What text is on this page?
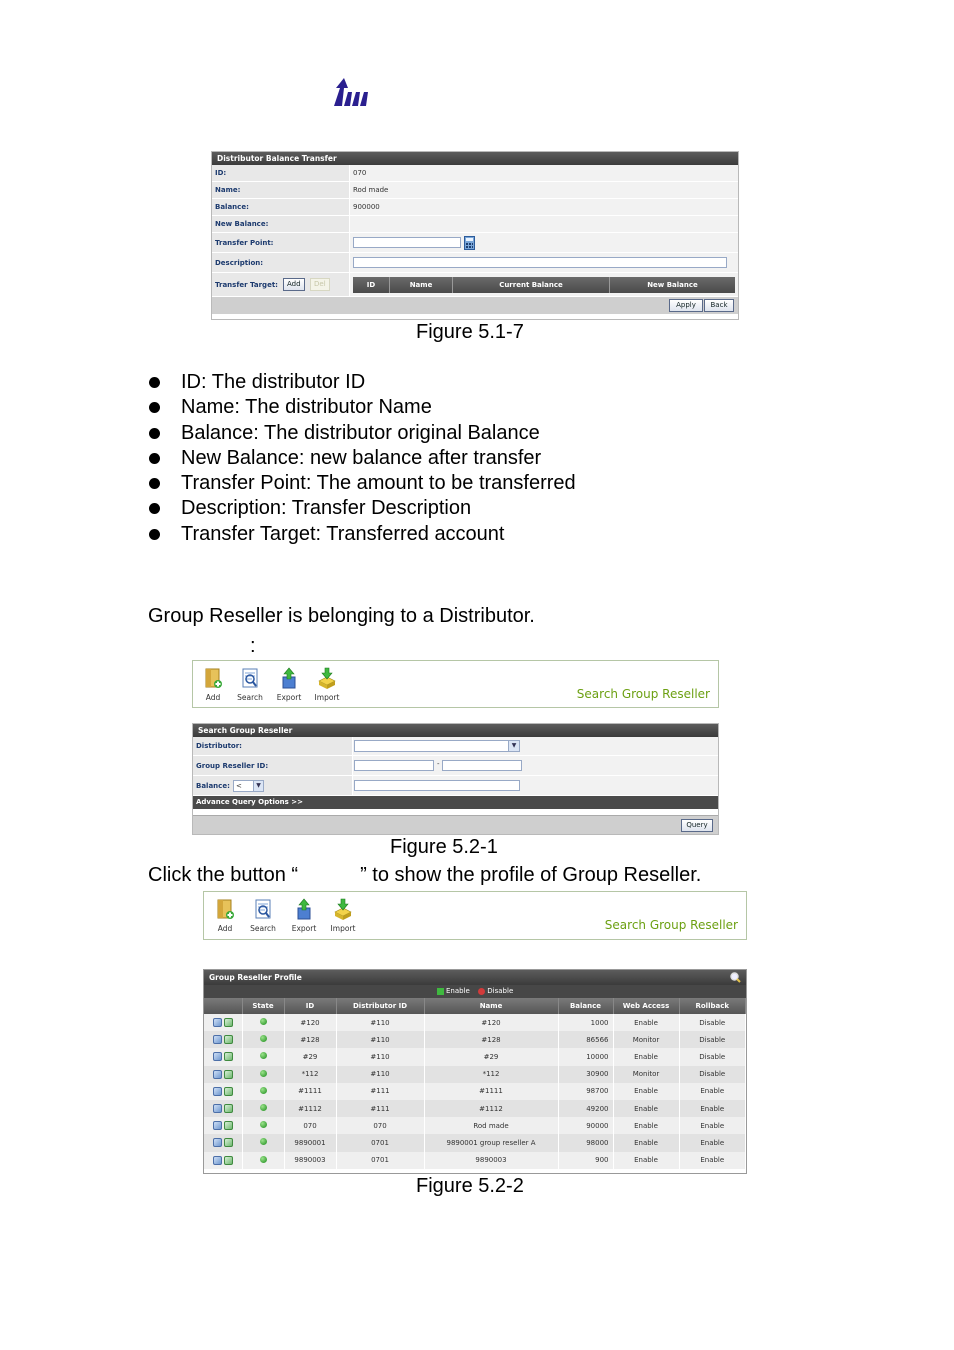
Distributor Balance Transfer
ID:	070
Name:	Rod made
Balance:	900000
New Balance:
Transfer Point:
Description:
Transfer Target:	Add	Del	ID	Name	Current Balance	New Balance
Apply	Back
Figure 5.1-7
ID: The distributor ID
Name: The distributor Name
Balance: The distributor original Balance
New Balance: new balance after transfer
Transfer Point: The amount to be transferred
Description: Transfer Description
Transfer Target: Transferred account
Group Reseller is belonging to a Distributor.
:
Add	Search	Export	Import	Search Group Reseller
Search Group Reseller
Distributor:	▼
Group Reseller ID:	-
Balance: <	▼
Advance Query Options >>
Query
Figure 5.2-1
Click the button “	” to show the profile of Group Reseller.
Add	Search	Export	Import	Search Group Reseller
Group Reseller Profile
Enable Disable
	State	ID	Distributor ID	Name	Balance	Web Access	Rollback
		#120	#110	#120	1000	Enable	Disable
		#128	#110	#128	86566	Monitor	Disable
		#29	#110	#29	10000	Enable	Disable
		*112	#110	*112	30900	Monitor	Disable
		#1111	#111	#1111	98700	Enable	Enable
		#1112	#111	#1112	49200	Enable	Enable
		070	070	Rod made	90000	Enable	Enable
		9890001	0701	9890001 group reseller A	98000	Enable	Enable
		9890003	0701	9890003	900	Enable	Enable
Figure 5.2-2
